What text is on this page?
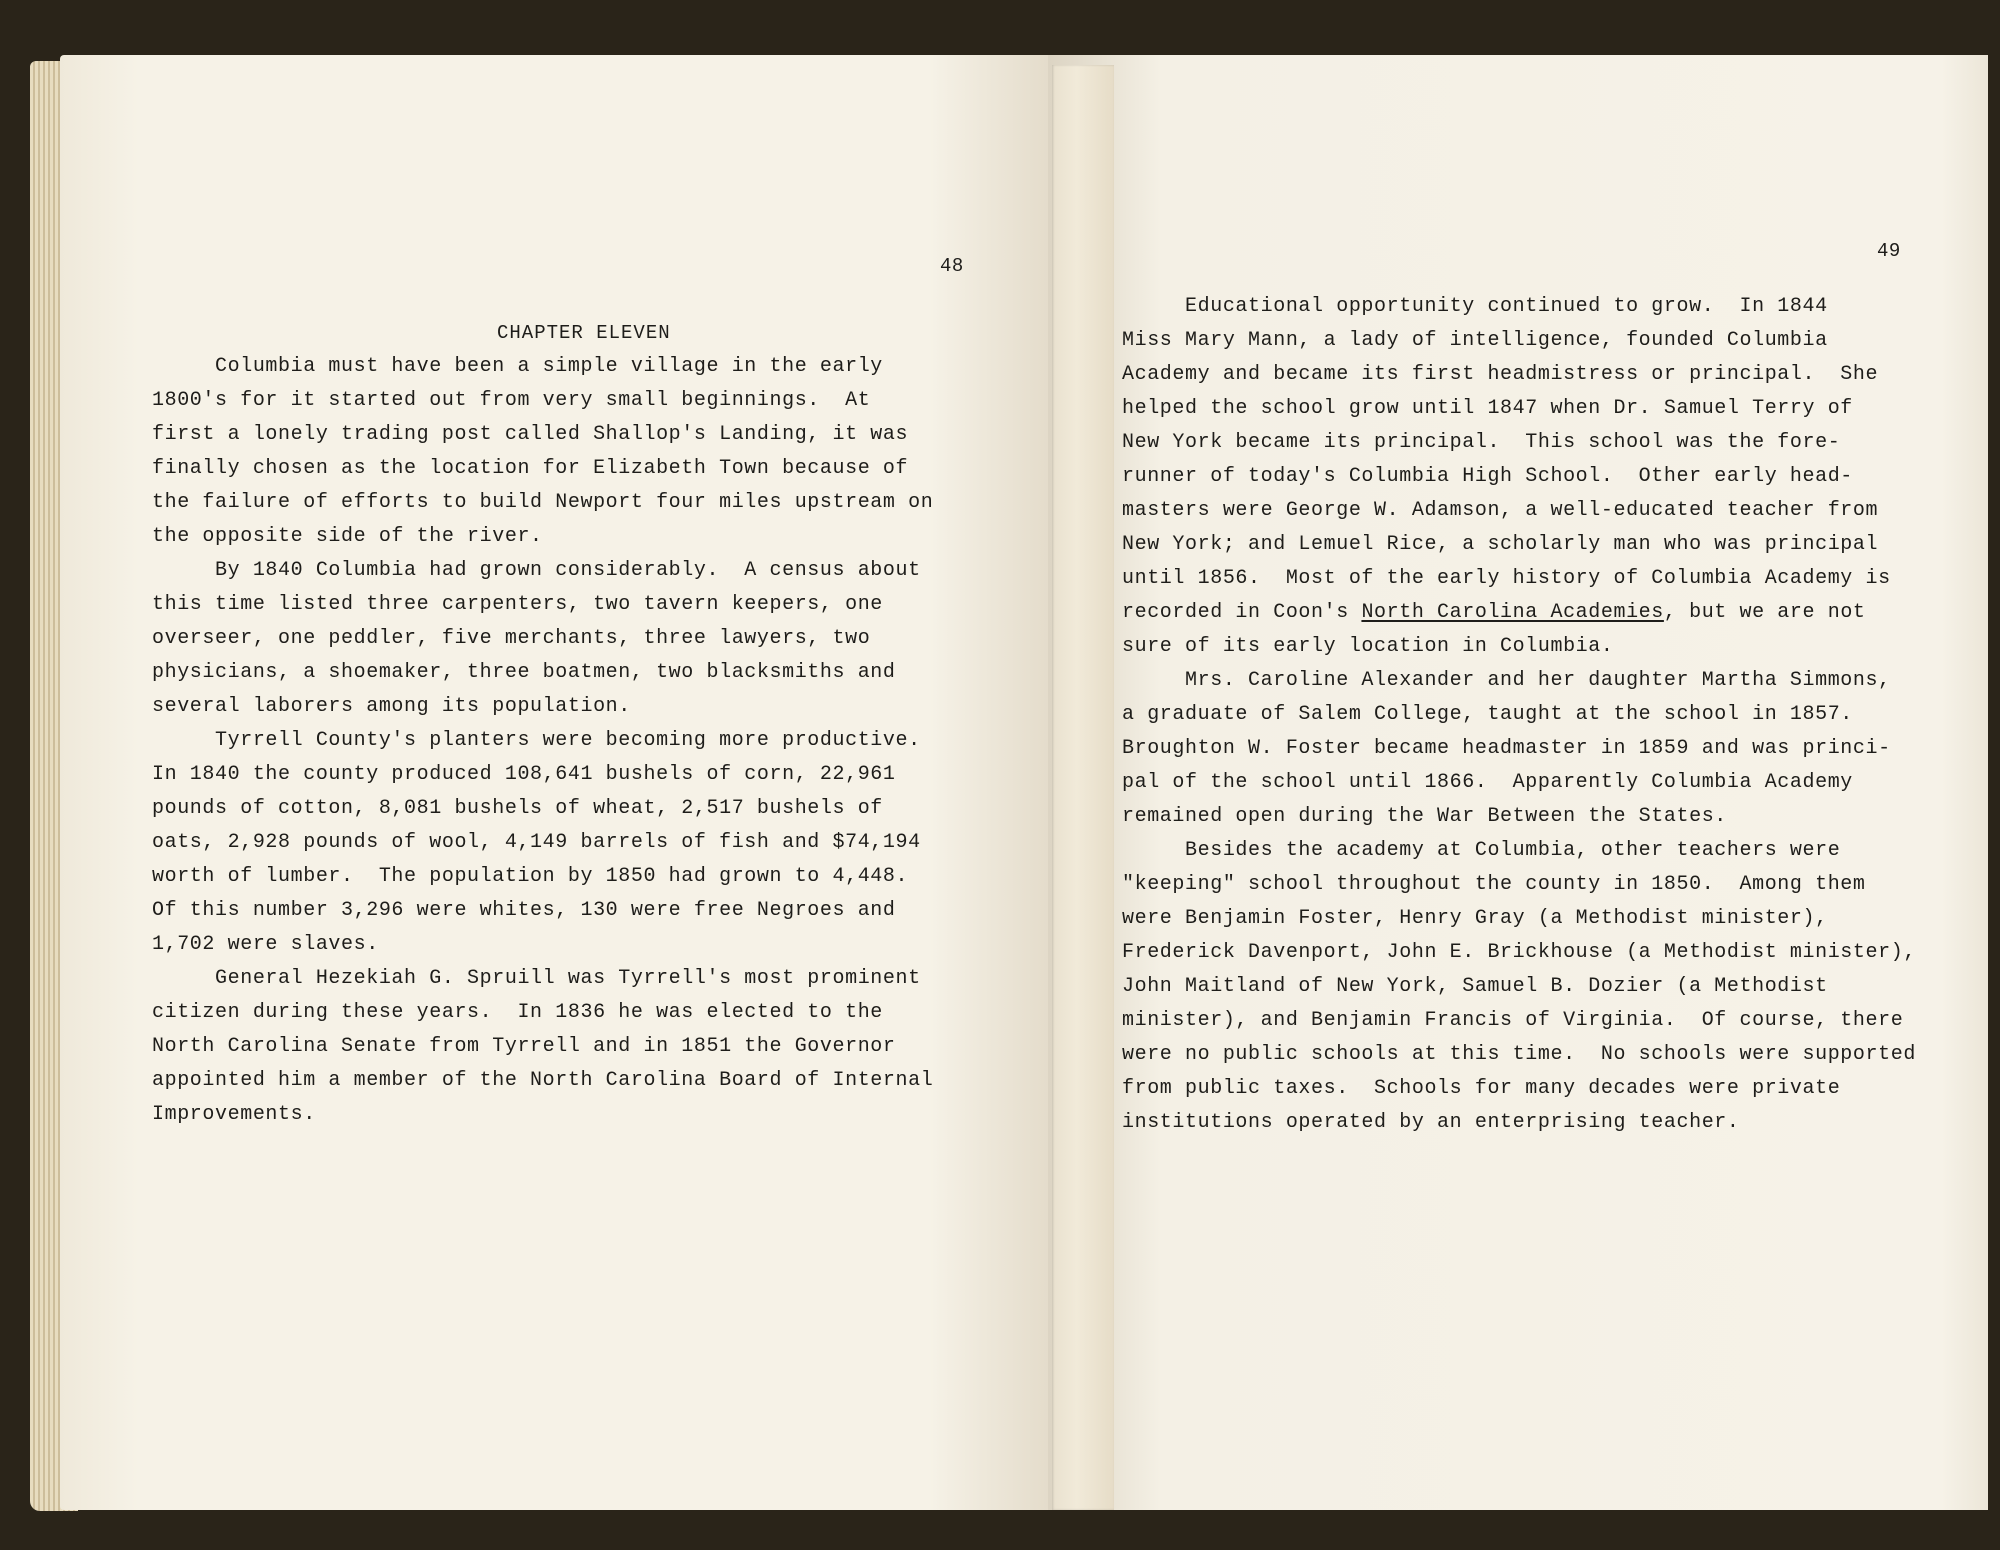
48
CHAPTER ELEVEN
Columbia must have been a simple village in the early
1800's for it started out from very small beginnings.  At
first a lonely trading post called Shallop's Landing, it was
finally chosen as the location for Elizabeth Town because of
the failure of efforts to build Newport four miles upstream on
the opposite side of the river.
By 1840 Columbia had grown considerably.  A census about
this time listed three carpenters, two tavern keepers, one
overseer, one peddler, five merchants, three lawyers, two
physicians, a shoemaker, three boatmen, two blacksmiths and
several laborers among its population.
Tyrrell County's planters were becoming more productive.
In 1840 the county produced 108,641 bushels of corn, 22,961
pounds of cotton, 8,081 bushels of wheat, 2,517 bushels of
oats, 2,928 pounds of wool, 4,149 barrels of fish and $74,194
worth of lumber.  The population by 1850 had grown to 4,448.
Of this number 3,296 were whites, 130 were free Negroes and
1,702 were slaves.
General Hezekiah G. Spruill was Tyrrell's most prominent
citizen during these years.  In 1836 he was elected to the
North Carolina Senate from Tyrrell and in 1851 the Governor
appointed him a member of the North Carolina Board of Internal
Improvements.
49
Educational opportunity continued to grow.  In 1844
Miss Mary Mann, a lady of intelligence, founded Columbia
Academy and became its first headmistress or principal.  She
helped the school grow until 1847 when Dr. Samuel Terry of
New York became its principal.  This school was the fore-
runner of today's Columbia High School.  Other early head-
masters were George W. Adamson, a well-educated teacher from
New York; and Lemuel Rice, a scholarly man who was principal
until 1856.  Most of the early history of Columbia Academy is
recorded in Coon's North Carolina Academies, but we are not
sure of its early location in Columbia.
Mrs. Caroline Alexander and her daughter Martha Simmons,
a graduate of Salem College, taught at the school in 1857.
Broughton W. Foster became headmaster in 1859 and was princi-
pal of the school until 1866.  Apparently Columbia Academy
remained open during the War Between the States.
Besides the academy at Columbia, other teachers were
"keeping" school throughout the county in 1850.  Among them
were Benjamin Foster, Henry Gray (a Methodist minister),
Frederick Davenport, John E. Brickhouse (a Methodist minister),
John Maitland of New York, Samuel B. Dozier (a Methodist
minister), and Benjamin Francis of Virginia.  Of course, there
were no public schools at this time.  No schools were supported
from public taxes.  Schools for many decades were private
institutions operated by an enterprising teacher.
